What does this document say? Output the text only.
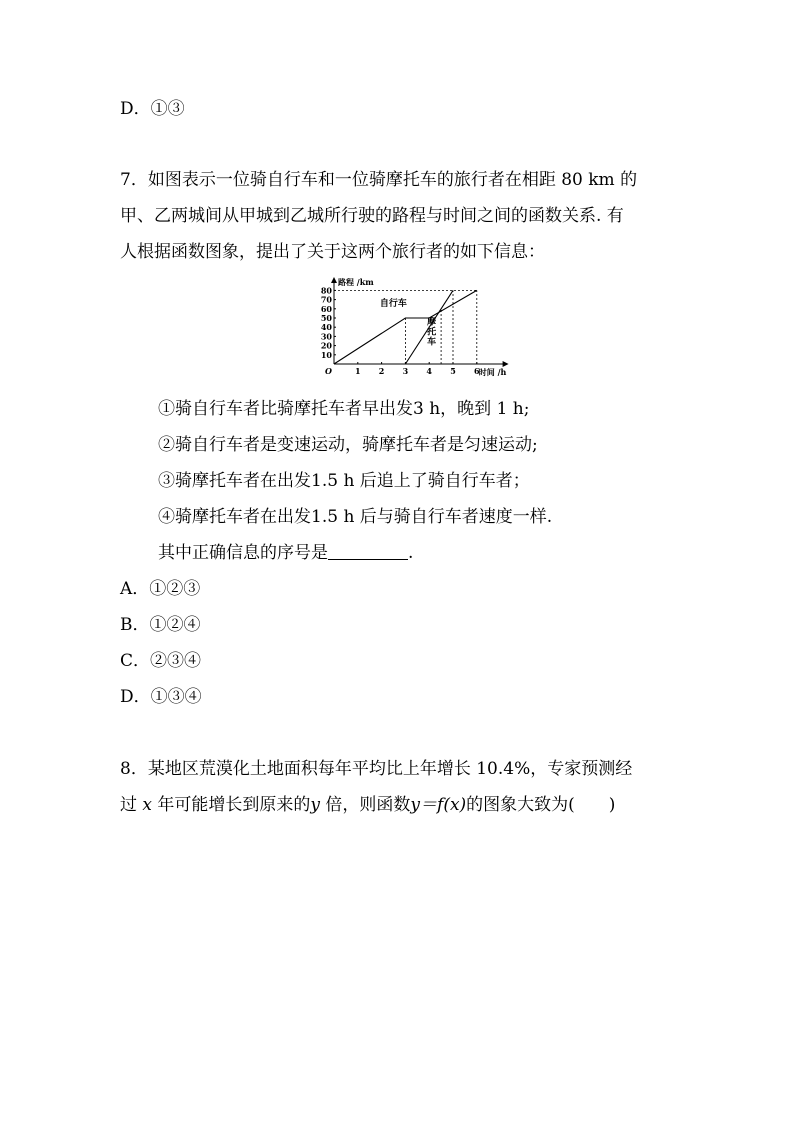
D．①③
7．如图表示一位骑自行车和一位骑摩托车的旅行者在相距 80 km 的
甲、乙两城间从甲城到乙城所行驶的路程与时间之间的函数关系. 有
人根据函数图象，提出了关于这两个旅行者的如下信息：
1 2 3 4 5 6
10
20
30
40
50
60
70
80
O
路程 /km
时间 /h
自行车
摩
托
车
①骑自行车者比骑摩托车者早出发3 h，晚到 1 h;
②骑自行车者是变速运动，骑摩托车者是匀速运动;
③骑摩托车者在出发1.5 h 后追上了骑自行车者；
④骑摩托车者在出发1.5 h 后与骑自行车者速度一样.
其中正确信息的序号是	.
A．①②③
B．①②④
C．②③④
D．①③④
8．某地区荒漠化土地面积每年平均比上年增长 10.4%，专家预测经
过 x 年可能增长到原来的y 倍，则函数y＝f(x)的图象大致为(　　)
